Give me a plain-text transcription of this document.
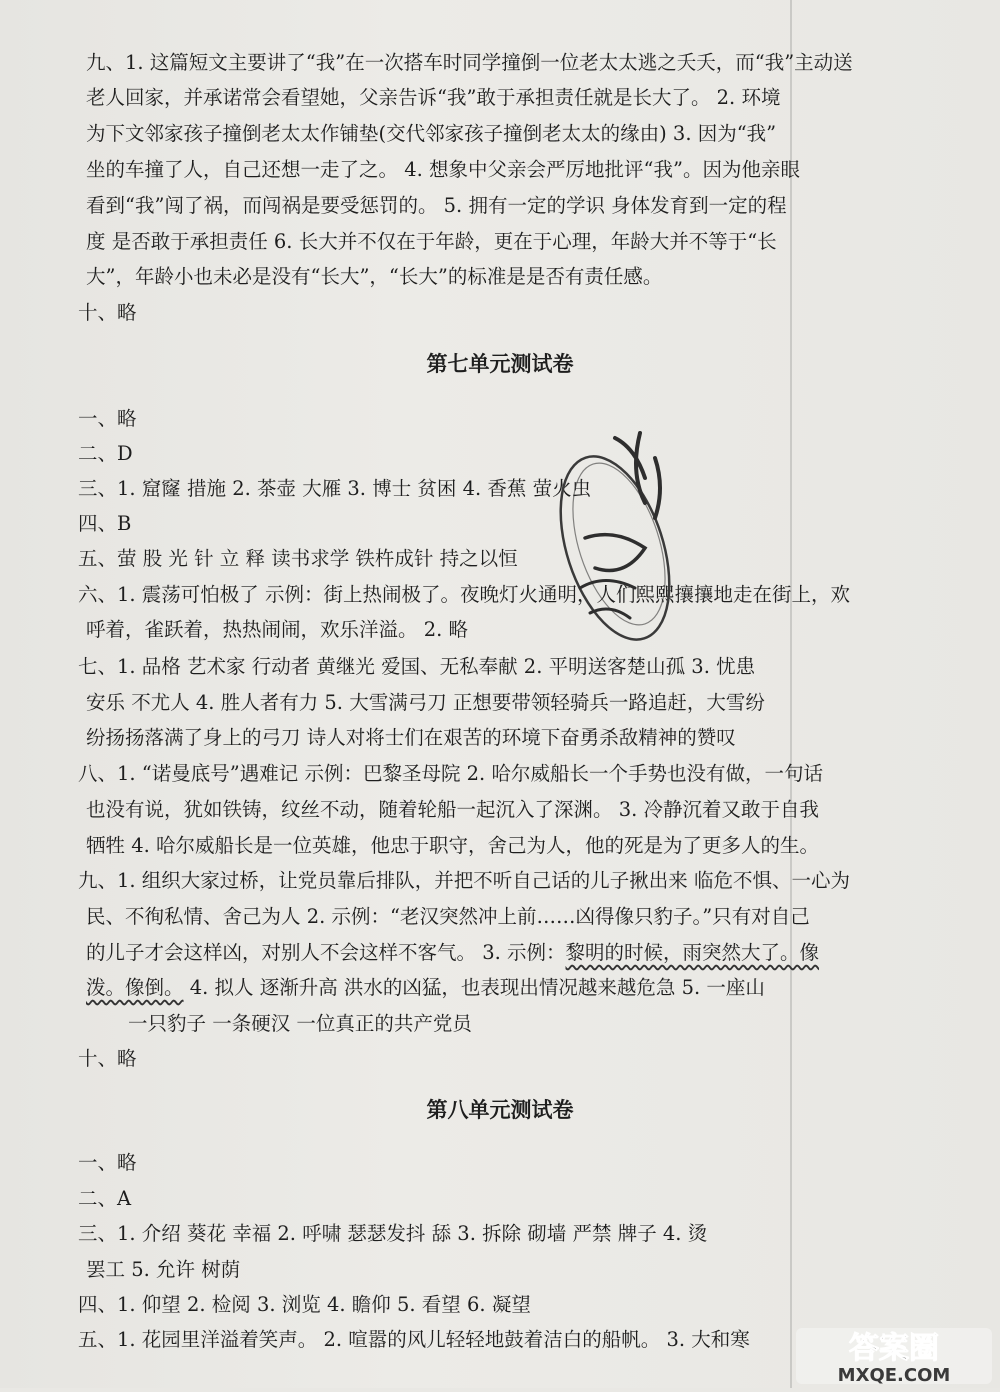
九、1. 这篇短文主要讲了“我”在一次搭车时同学撞倒一位老太太逃之夭夭，而“我”主动送
老人回家，并承诺常会看望她，父亲告诉“我”敢于承担责任就是长大了。 2. 环境
为下文邻家孩子撞倒老太太作铺垫(交代邻家孩子撞倒老太太的缘由) 3. 因为“我”
坐的车撞了人，自己还想一走了之。 4. 想象中父亲会严厉地批评“我”。因为他亲眼
看到“我”闯了祸，而闯祸是要受惩罚的。 5. 拥有一定的学识 身体发育到一定的程
度 是否敢于承担责任 6. 长大并不仅在于年龄，更在于心理，年龄大并不等于“长
大”，年龄小也未必是没有“长大”，“长大”的标准是是否有责任感。
十、略
第七单元测试卷
一、略
二、D
三、1. 窟窿 措施 2. 茶壶 大雁 3. 博士 贫困 4. 香蕉 萤火虫
四、B
五、萤 股 光 针 立 释 读书求学 铁杵成针 持之以恒
六、1. 震荡可怕极了 示例：街上热闹极了。夜晚灯火通明，人们熙熙攘攘地走在街上，欢
呼着，雀跃着，热热闹闹，欢乐洋溢。 2. 略
七、1. 品格 艺术家 行动者 黄继光 爱国、无私奉献 2. 平明送客楚山孤 3. 忧患
安乐 不尤人 4. 胜人者有力 5. 大雪满弓刀 正想要带领轻骑兵一路追赶，大雪纷
纷扬扬落满了身上的弓刀 诗人对将士们在艰苦的环境下奋勇杀敌精神的赞叹
八、1. “诺曼底号”遇难记 示例：巴黎圣母院 2. 哈尔威船长一个手势也没有做，一句话
也没有说，犹如铁铸，纹丝不动，随着轮船一起沉入了深渊。 3. 冷静沉着又敢于自我
牺牲 4. 哈尔威船长是一位英雄，他忠于职守，舍己为人，他的死是为了更多人的生。
九、1. 组织大家过桥，让党员靠后排队，并把不听自己话的儿子揪出来 临危不惧、一心为
民、不徇私情、舍己为人 2. 示例：“老汉突然冲上前……凶得像只豹子。”只有对自己
的儿子才会这样凶，对别人不会这样不客气。 3. 示例：黎明的时候，雨突然大了。像
泼。像倒。 4. 拟人 逐渐升高 洪水的凶猛，也表现出情况越来越危急 5. 一座山
一只豹子 一条硬汉 一位真正的共产党员
十、略
第八单元测试卷
一、略
二、A
三、1. 介绍 葵花 幸福 2. 呼啸 瑟瑟发抖 舔 3. 拆除 砌墙 严禁 牌子 4. 烫
罢工 5. 允许 树荫
四、1. 仰望 2. 检阅 3. 浏览 4. 瞻仰 5. 看望 6. 凝望
五、1. 花园里洋溢着笑声。 2. 喧嚣的风儿轻轻地鼓着洁白的船帆。 3. 大和寒	答案圈
MXQE.COM
